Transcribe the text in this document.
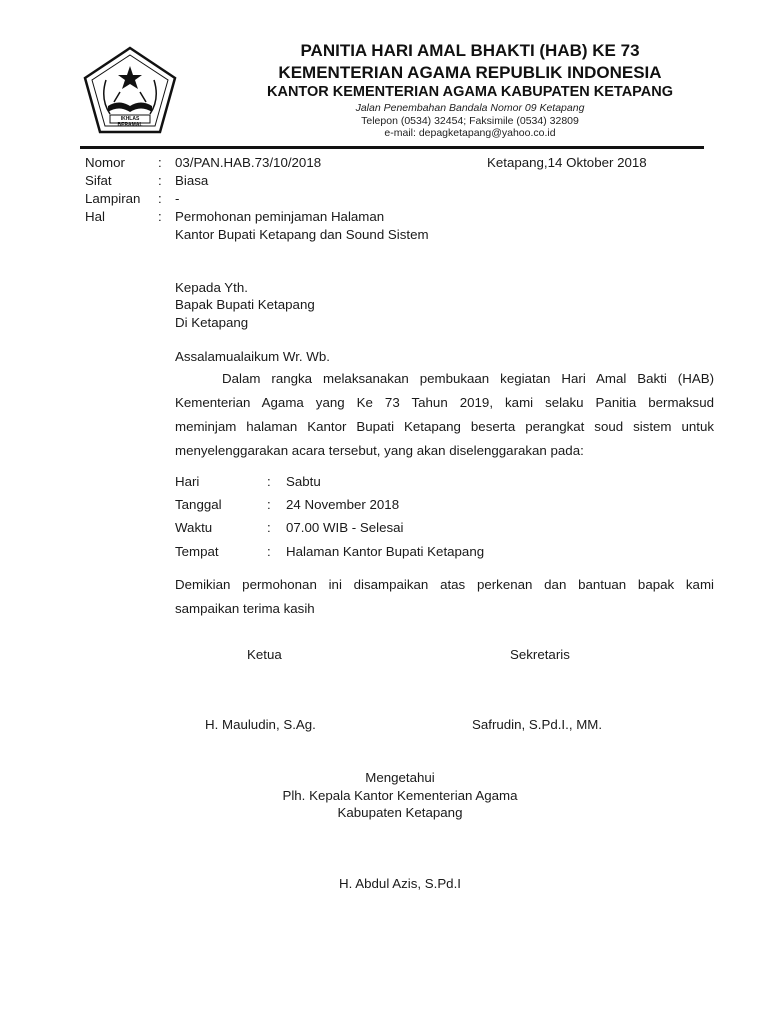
IKHLAS BERAMAL
PANITIA HARI AMAL BHAKTI (HAB) KE 73
KEMENTERIAN AGAMA REPUBLIK INDONESIA
KANTOR KEMENTERIAN AGAMA KABUPATEN KETAPANG
Jalan Penembahan Bandala Nomor 09 Ketapang
Telepon (0534) 32454; Faksimile (0534) 32809
e-mail: depagketapang@yahoo.co.id
Nomor : 03/PAN.HAB.73/10/2018	Ketapang,14 Oktober 2018
Sifat	: Biasa
Lampiran : -
Hal	: Permohonan peminjaman Halaman
Kantor Bupati Ketapang dan Sound Sistem
Kepada Yth.
Bapak Bupati Ketapang
Di Ketapang
Assalamualaikum Wr. Wb.
Dalam rangka melaksanakan pembukaan kegiatan Hari Amal Bakti (HAB)
Kementerian Agama yang Ke 73 Tahun 2019, kami selaku Panitia bermaksud
meminjam halaman Kantor Bupati Ketapang beserta perangkat soud sistem untuk
menyelenggarakan acara tersebut, yang akan diselenggarakan pada:
Hari	: Sabtu
Tanggal	: 24 November 2018
Waktu	: 07.00 WIB - Selesai
Tempat	: Halaman Kantor Bupati Ketapang
Demikian permohonan ini disampaikan atas perkenan dan bantuan bapak kami
sampaikan terima kasih
Ketua	Sekretaris
H. Mauludin, S.Ag.	Safrudin, S.Pd.I., MM.
Mengetahui
Plh. Kepala Kantor Kementerian Agama
Kabupaten Ketapang
H. Abdul Azis, S.Pd.I
